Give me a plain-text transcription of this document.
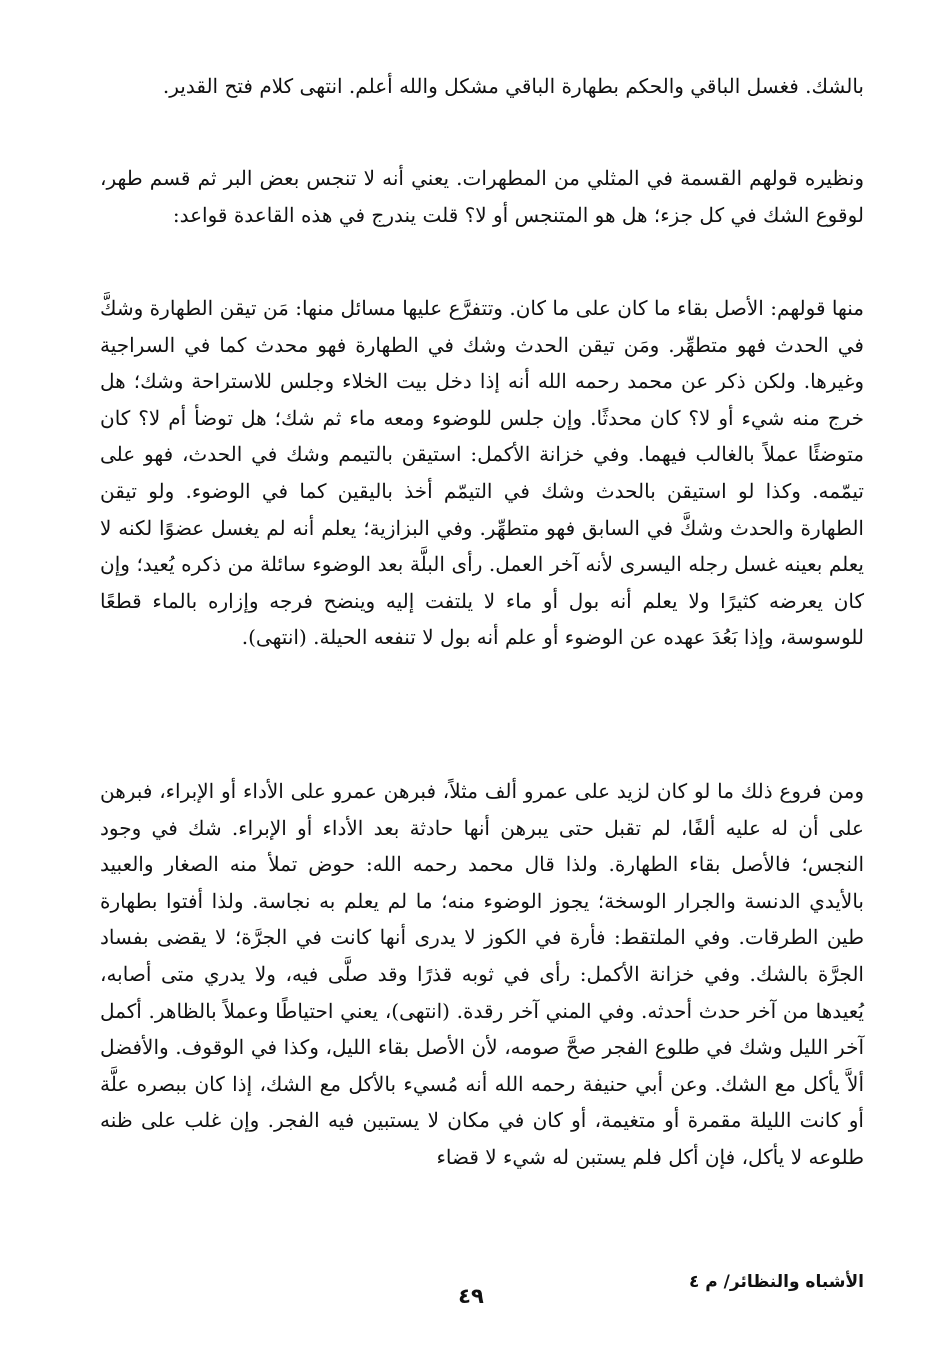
بالشك. فغسل الباقي والحكم بطهارة الباقي مشكل والله أعلم. انتهى كلام فتح القدير.

ونظيره قولهم القسمة في المثلي من المطهرات. يعني أنه لا تنجس بعض البر ثم قسم طهر، لوقوع الشك في كل جزء؛ هل هو المتنجس أو لا؟ قلت يندرج في هذه القاعدة قواعد:

منها قولهم: الأصل بقاء ما كان على ما كان. وتتفرَّع عليها مسائل منها: مَن تيقن الطهارة وشكَّ في الحدث فهو متطهِّر. ومَن تيقن الحدث وشك في الطهارة فهو محدث كما في السراجية وغيرها. ولكن ذكر عن محمد رحمه الله أنه إذا دخل بيت الخلاء وجلس للاستراحة وشك؛ هل خرج منه شيء أو لا؟ كان محدثًا. وإن جلس للوضوء ومعه ماء ثم شك؛ هل توضأ أم لا؟ كان متوضئًا عملاً بالغالب فيهما. وفي خزانة الأكمل: استيقن بالتيمم وشك في الحدث، فهو على تيمّمه. وكذا لو استيقن بالحدث وشك في التيمّم أخذ باليقين كما في الوضوء. ولو تيقن الطهارة والحدث وشكَّ في السابق فهو متطهِّر. وفي البزازية؛ يعلم أنه لم يغسل عضوًا لكنه لا يعلم بعينه غسل رجله اليسرى لأنه آخر العمل. رأى البلَّة بعد الوضوء سائلة من ذكره يُعيد؛ وإن كان يعرضه كثيرًا ولا يعلم أنه بول أو ماء لا يلتفت إليه وينضح فرجه وإزاره بالماء قطعًا للوسوسة، وإذا بَعُدَ عهده عن الوضوء أو علم أنه بول لا تنفعه الحيلة. (انتهى).

ومن فروع ذلك ما لو كان لزيد على عمرو ألف مثلاً، فبرهن عمرو على الأداء أو الإبراء، فبرهن على أن له عليه ألفًا، لم تقبل حتى يبرهن أنها حادثة بعد الأداء أو الإبراء. شك في وجود النجس؛ فالأصل بقاء الطهارة. ولذا قال محمد رحمه الله: حوض تملأ منه الصغار والعبيد بالأيدي الدنسة والجرار الوسخة؛ يجوز الوضوء منه؛ ما لم يعلم به نجاسة. ولذا أفتوا بطهارة طين الطرقات. وفي الملتقط: فأرة في الكوز لا يدرى أنها كانت في الجرَّة؛ لا يقضى بفساد الجرَّة بالشك. وفي خزانة الأكمل: رأى في ثوبه قذرًا وقد صلَّى فيه، ولا يدري متى أصابه، يُعيدها من آخر حدث أحدثه. وفي المني آخر رقدة. (انتهى)، يعني احتياطًا وعملاً بالظاهر. أكمل آخر الليل وشك في طلوع الفجر صحَّ صومه، لأن الأصل بقاء الليل، وكذا في الوقوف. والأفضل ألاَّ يأكل مع الشك. وعن أبي حنيفة رحمه الله أنه مُسيء بالأكل مع الشك، إذا كان ببصره علَّة أو كانت الليلة مقمرة أو متغيمة، أو كان في مكان لا يستبين فيه الفجر. وإن غلب على ظنه طلوعه لا يأكل، فإن أكل فلم يستبن له شيء لا قضاء

الأشباه والنظائر/ م ٤
٤٩
